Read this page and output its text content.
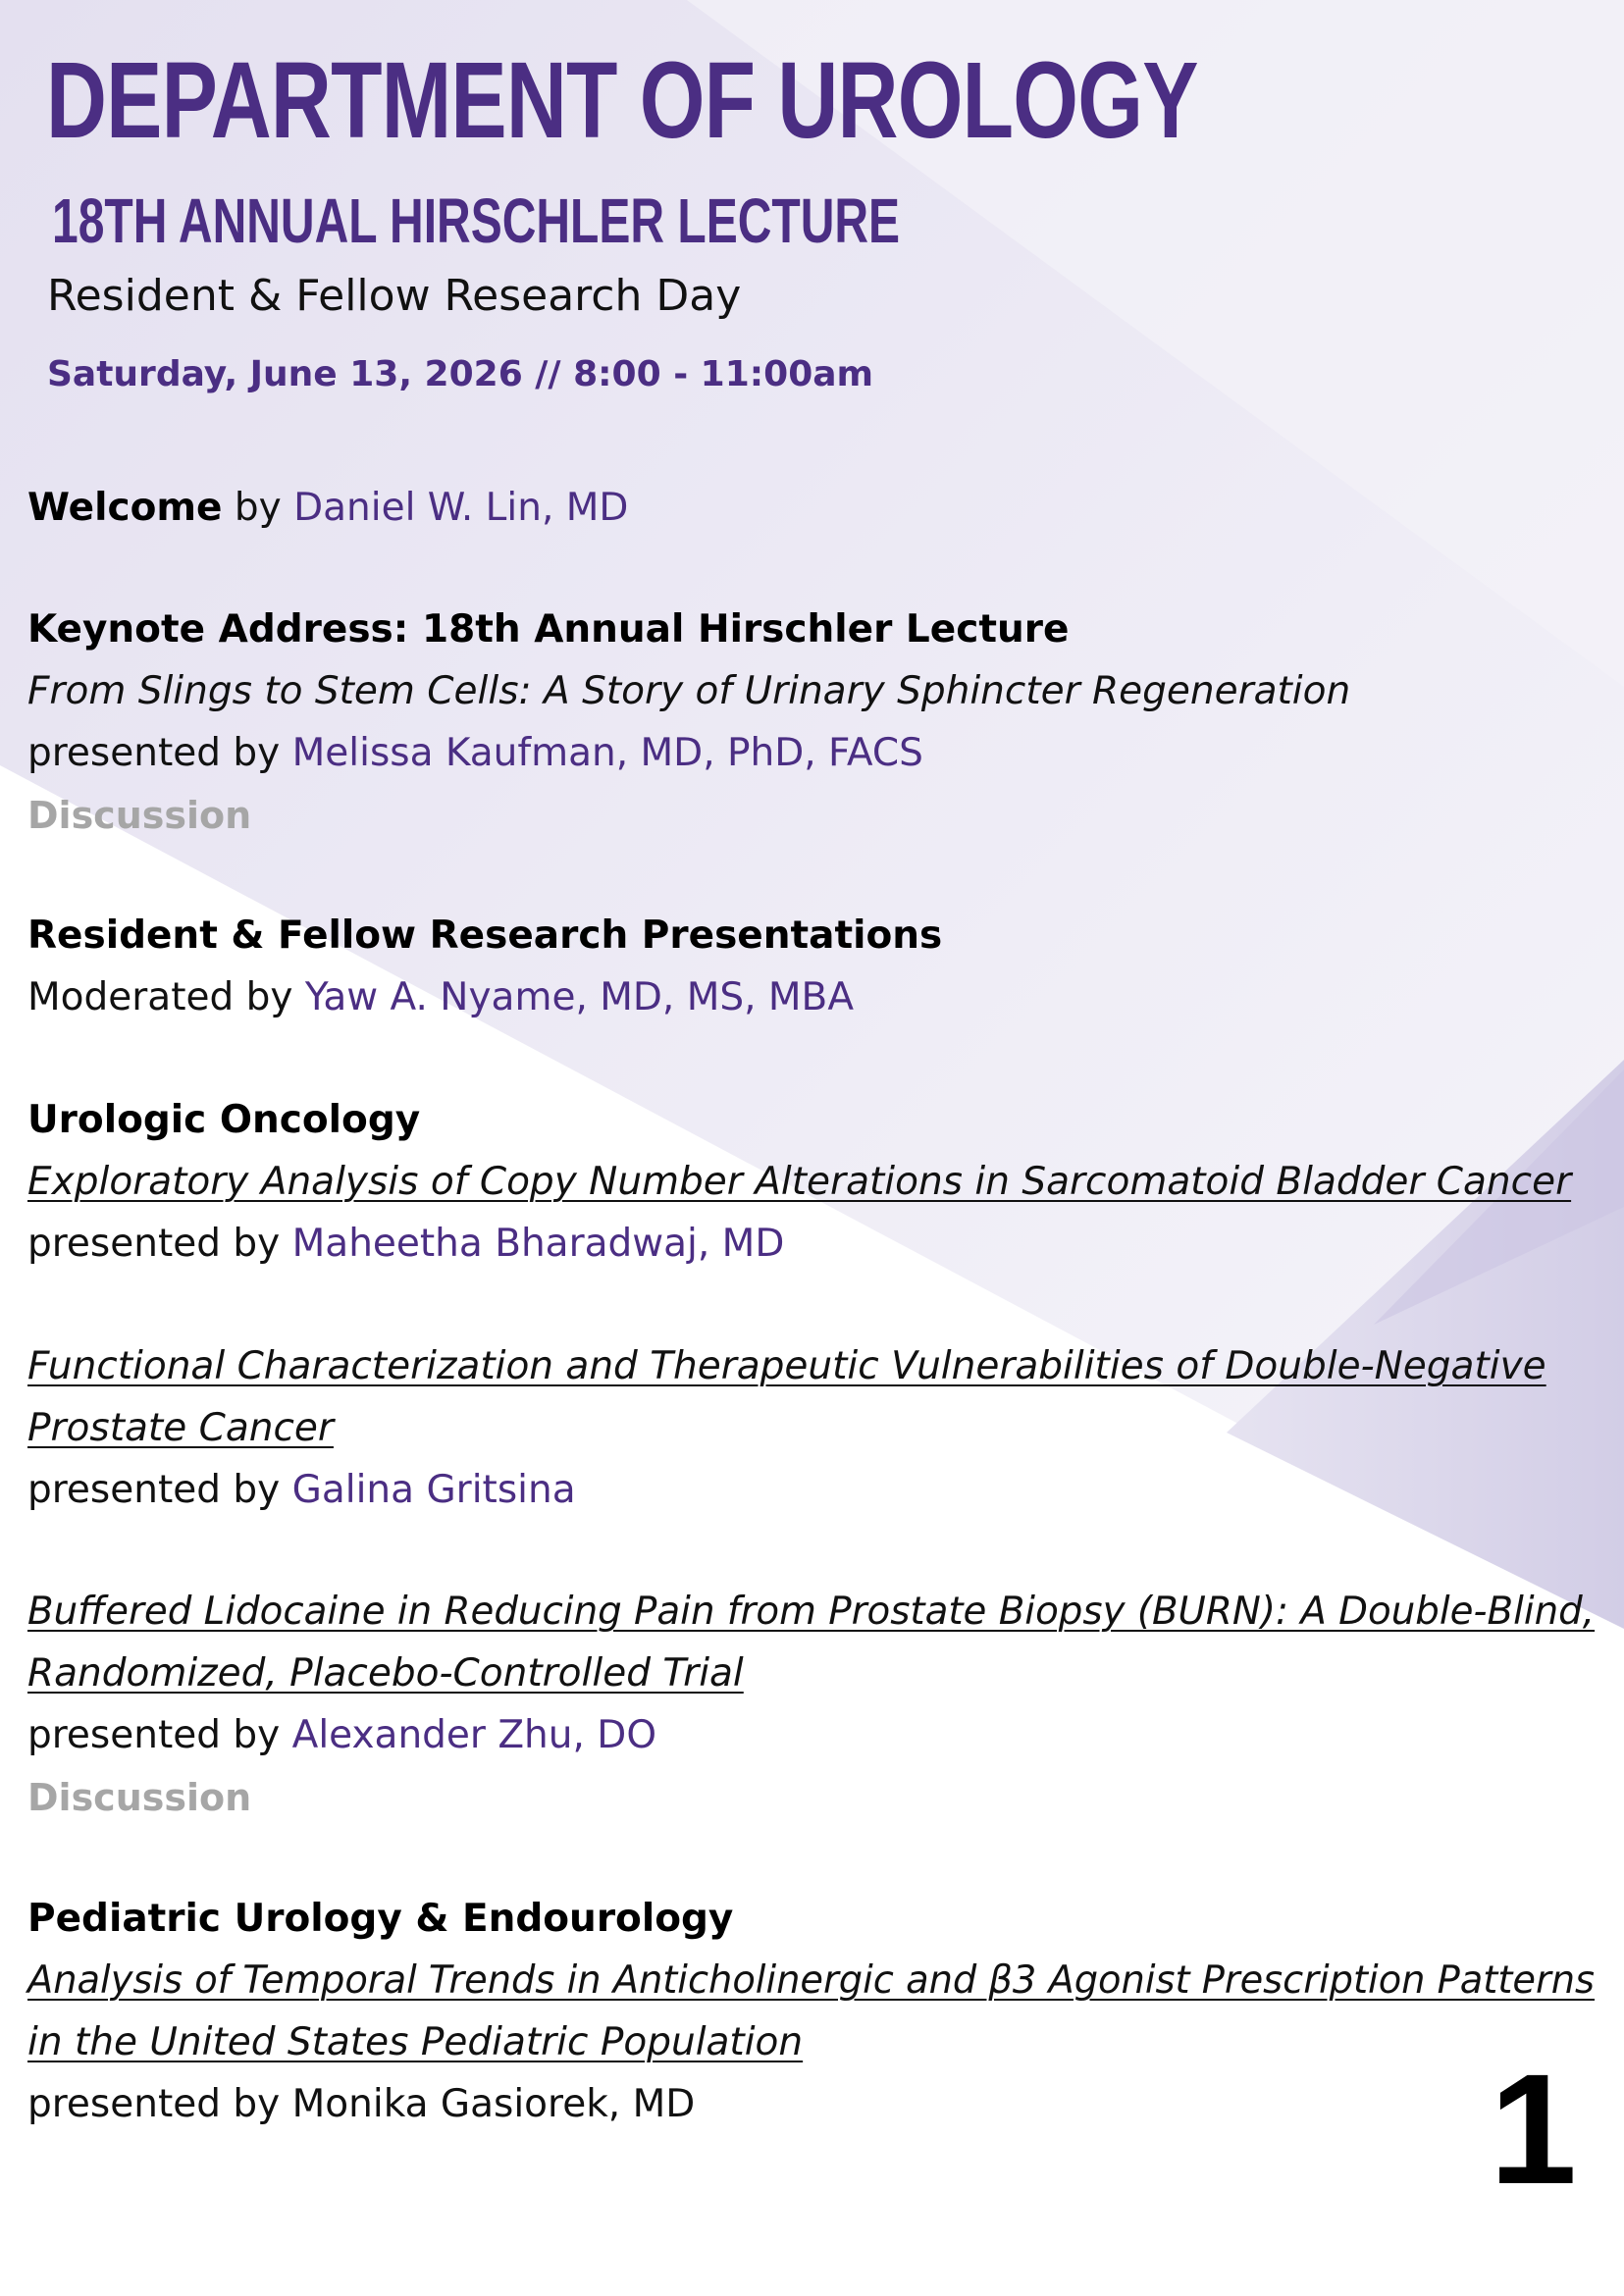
DEPARTMENT OF UROLOGY
18TH ANNUAL HIRSCHLER LECTURE
Resident & Fellow Research Day
Saturday, June 13, 2026 // 8:00 - 11:00am
Welcome by Daniel W. Lin, MD
Keynote Address: 18th Annual Hirschler Lecture
From Slings to Stem Cells: A Story of Urinary Sphincter Regeneration
presented by Melissa Kaufman, MD, PhD, FACS
Discussion
Resident & Fellow Research Presentations
Moderated by Yaw A. Nyame, MD, MS, MBA
Urologic Oncology
Exploratory Analysis of Copy Number Alterations in Sarcomatoid Bladder Cancer
presented by Maheetha Bharadwaj, MD
Functional Characterization and Therapeutic Vulnerabilities of Double-Negative
Prostate Cancer
presented by Galina Gritsina
Buffered Lidocaine in Reducing Pain from Prostate Biopsy (BURN): A Double-Blind,
Randomized, Placebo-Controlled Trial
presented by Alexander Zhu, DO
Discussion
Pediatric Urology & Endourology
Analysis of Temporal Trends in Anticholinergic and β3 Agonist Prescription Patterns
in the United States Pediatric Population
presented by Monika Gasiorek, MD	1
